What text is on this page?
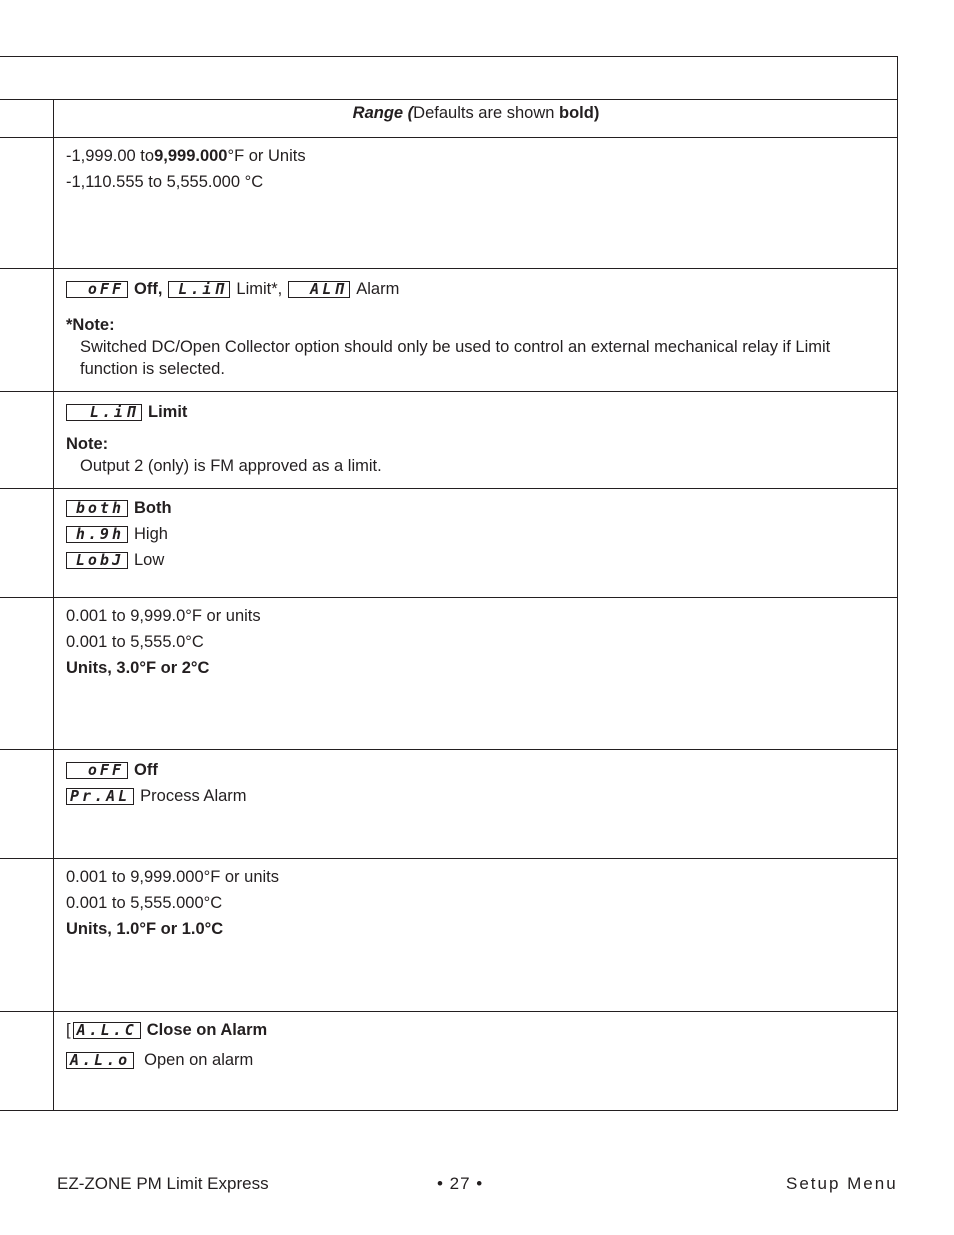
Range (Defaults are shown bold)
-1,999.00 to 9,999.000 °F or Units
-1,110.555 to 5,555.000 °C
oFF Off,	L.iΠ Limit*,	ALΠ Alarm
*Note:
Switched DC/Open Collector option should only be used to control an external mechanical relay if Limit function is selected.
L.iΠ Limit
Note:
Output 2 (only) is FM approved as a limit.
both Both
h.9h High
LobJ Low
0.001 to 9,999.0°F or units
0.001 to 5,555.0°C
Units, 3.0°F or 2°C
oFF Off
Pr.AL Process Alarm
0.001 to 9,999.000°F or units
0.001 to 5,555.000°C
Units, 1.0°F or 1.0°C
[ A.L.C Close on Alarm
A.L.o Open on alarm
EZ-ZONE PM Limit Express	• 27 •	Setup Menu
